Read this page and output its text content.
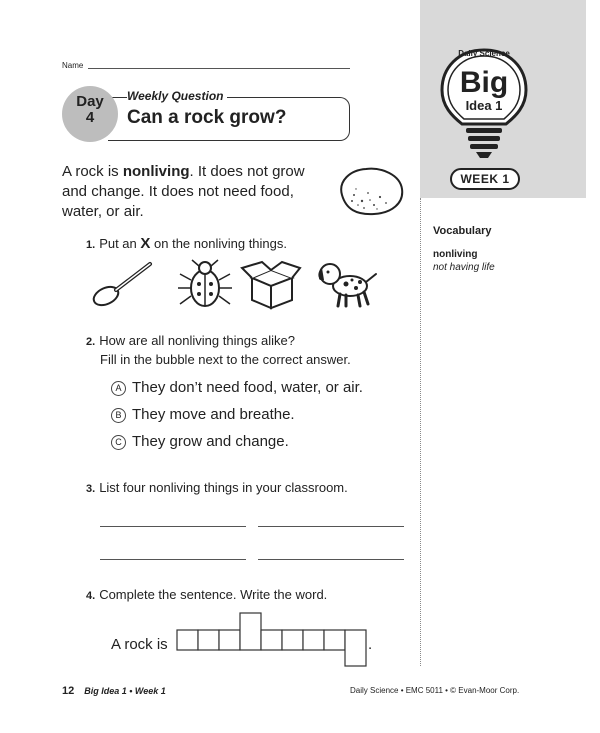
Daily Science
Big
Idea 1
WEEK 1
Vocabulary
nonliving
not having life
Name
Day
4
Weekly Question
Can a rock grow?
A rock is nonliving. It does not grow and change. It does not need food, water, or air.
1. Put an X on the nonliving things.
2. How are all nonliving things alike?
Fill in the bubble next to the correct answer.
A They don’t need food, water, or air.
B They move and breathe.
C They grow and change.
3. List four nonliving things in your classroom.
4. Complete the sentence. Write the word.
A rock is	.
12 Big Idea 1 • Week 1	Daily Science • EMC 5011 • © Evan-Moor Corp.
